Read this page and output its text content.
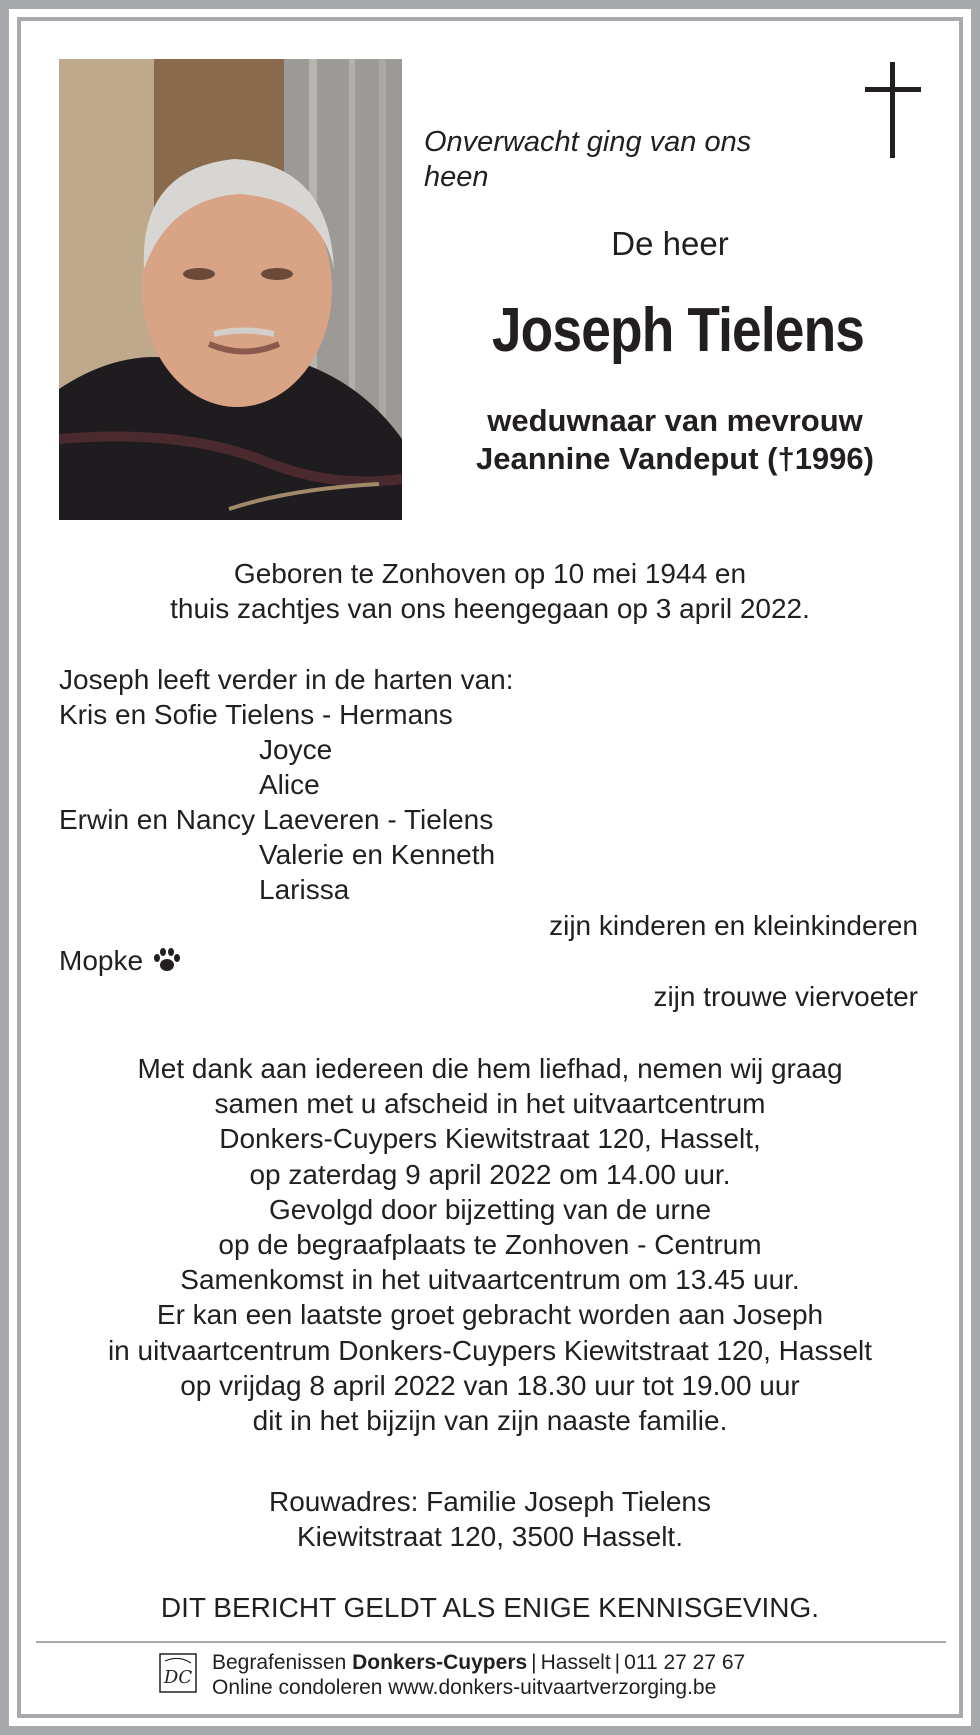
Onverwacht ging van ons heen
De heer
Joseph Tielens
weduwnaar van mevrouw
Jeannine Vandeput (†1996)
Geboren te Zonhoven op 10 mei 1944 en
thuis zachtjes van ons heengegaan op 3 april 2022.
Joseph leeft verder in de harten van:
Kris en Sofie Tielens - Hermans
Joyce
Alice
Erwin en Nancy Laeveren - Tielens
Valerie en Kenneth
Larissa
zijn kinderen en kleinkinderen
Mopke
zijn trouwe viervoeter
Met dank aan iedereen die hem liefhad, nemen wij graag
samen met u afscheid in het uitvaartcentrum
Donkers-Cuypers Kiewitstraat 120, Hasselt,
op zaterdag 9 april 2022 om 14.00 uur.
Gevolgd door bijzetting van de urne
op de begraafplaats te Zonhoven - Centrum
Samenkomst in het uitvaartcentrum om 13.45 uur.
Er kan een laatste groet gebracht worden aan Joseph
in uitvaartcentrum Donkers-Cuypers Kiewitstraat 120, Hasselt
op vrijdag 8 april 2022 van 18.30 uur tot 19.00 uur
dit in het bijzijn van zijn naaste familie.
Rouwadres: Familie Joseph Tielens
Kiewitstraat 120, 3500 Hasselt.
DIT BERICHT GELDT ALS ENIGE KENNISGEVING.
DC
Begrafenissen Donkers-Cuypers | Hasselt | 011 27 27 67
Online condoleren www.donkers-uitvaartverzorging.be
